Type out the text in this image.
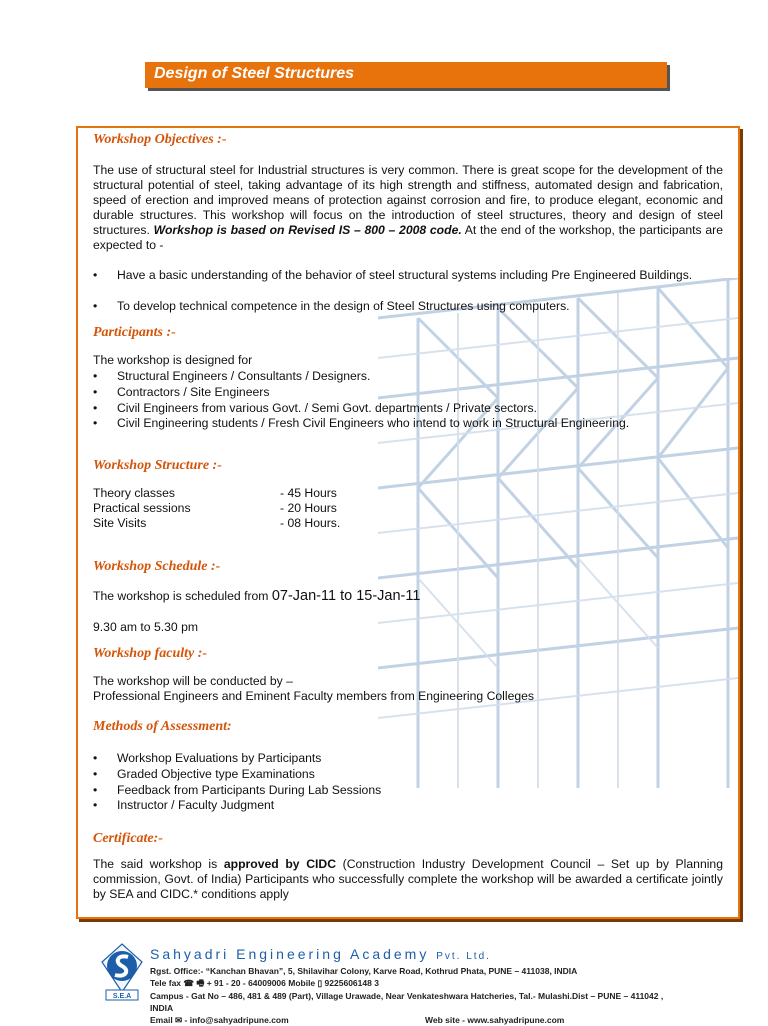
Design of Steel Structures
Workshop Objectives :-
The use of structural steel for Industrial structures is very common. There is great scope for the development of the structural potential of steel, taking advantage of its high strength and stiffness, automated design and fabrication, speed of erection and improved means of protection against corrosion and fire, to produce elegant, economic and durable structures. This workshop will focus on the introduction of steel structures, theory and design of steel structures. Workshop is based on Revised IS – 800 – 2008 code. At the end of the workshop, the participants are expected to -
• Have a basic understanding of the behavior of steel structural systems including Pre Engineered Buildings.
• To develop technical competence in the design of Steel Structures using computers.
Participants :-
The workshop is designed for
• Structural Engineers / Consultants / Designers.
• Contractors / Site Engineers
• Civil Engineers from various Govt. / Semi Govt. departments / Private sectors.
• Civil Engineering students / Fresh Civil Engineers who intend to work in Structural Engineering.
Workshop Structure :-
Theory classes	- 45 Hours
Practical sessions	- 20 Hours
Site Visits	- 08 Hours.
Workshop Schedule :-
The workshop is scheduled from 07-Jan-11 to 15-Jan-11
9.30 am to 5.30 pm
Workshop faculty :-
The workshop will be conducted by –
Professional Engineers and Eminent Faculty members from Engineering Colleges
Methods of Assessment:
• Workshop Evaluations by Participants
• Graded Objective type Examinations
• Feedback from Participants During Lab Sessions
• Instructor / Faculty Judgment
Certificate:-
The said workshop is approved by CIDC (Construction Industry Development Council – Set up by Planning commission, Govt. of India) Participants who successfully complete the workshop will be awarded a certificate jointly by SEA and CIDC.* conditions apply
S.E.A
Sahyadri Engineering Academy Pvt. Ltd.
Rgst. Office:- “Kanchan Bhavan”, 5, Shilavihar Colony, Karve Road, Kothrud Phata, PUNE – 411038, INDIA
Tele fax ☎ 🖷 + 91 - 20 - 64009006 Mobile ▯ 9225606148 3
Campus - Gat No – 486, 481 & 489 (Part), Village Urawade, Near Venkateshwara Hatcheries, Tal.- Mulashi.Dist – PUNE – 411042 ,
INDIA
Email ✉ - info@sahyadripune.com	Web site - www.sahyadripune.com
